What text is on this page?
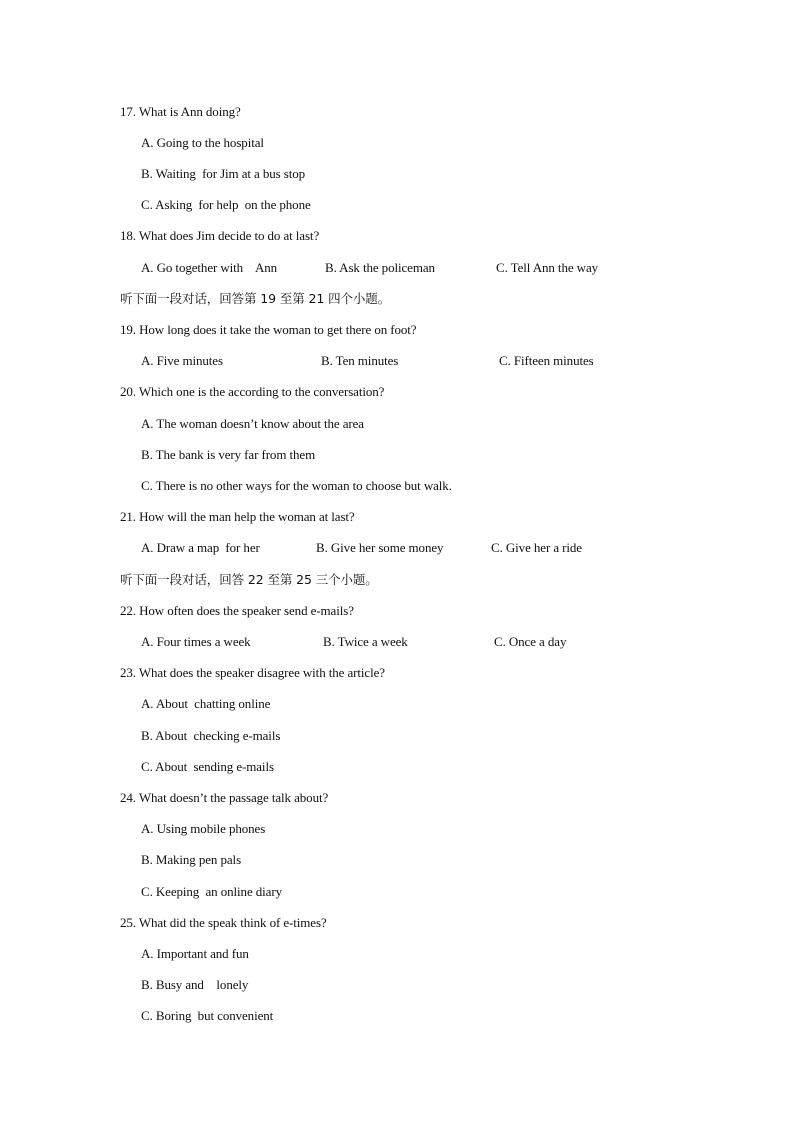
17. What is Ann doing?
A. Going to the hospital
B. Waiting  for Jim at a bus stop
C. Asking  for help  on the phone
18. What does Jim decide to do at last?
A. Go together with    Ann	B. Ask the policeman	C. Tell Ann the way
听下面一段对话，回答第 19 至第 21 四个小题。
19. How long does it take the woman to get there on foot?
A. Five minutes	B. Ten minutes	C. Fifteen minutes
20. Which one is the according to the conversation?
A. The woman doesn’t know about the area
B. The bank is very far from them
C. There is no other ways for the woman to choose but walk.
21. How will the man help the woman at last?
A. Draw a map  for her	B. Give her some money	C. Give her a ride
听下面一段对话，回答 22 至第 25 三个小题。
22. How often does the speaker send e-mails?
A. Four times a week	B. Twice a week	C. Once a day
23. What does the speaker disagree with the article?
A. About  chatting online
B. About  checking e-mails
C. About  sending e-mails
24. What doesn’t the passage talk about?
A. Using mobile phones
B. Making pen pals
C. Keeping  an online diary
25. What did the speak think of e-times?
A. Important and fun
B. Busy and    lonely
C. Boring  but convenient
